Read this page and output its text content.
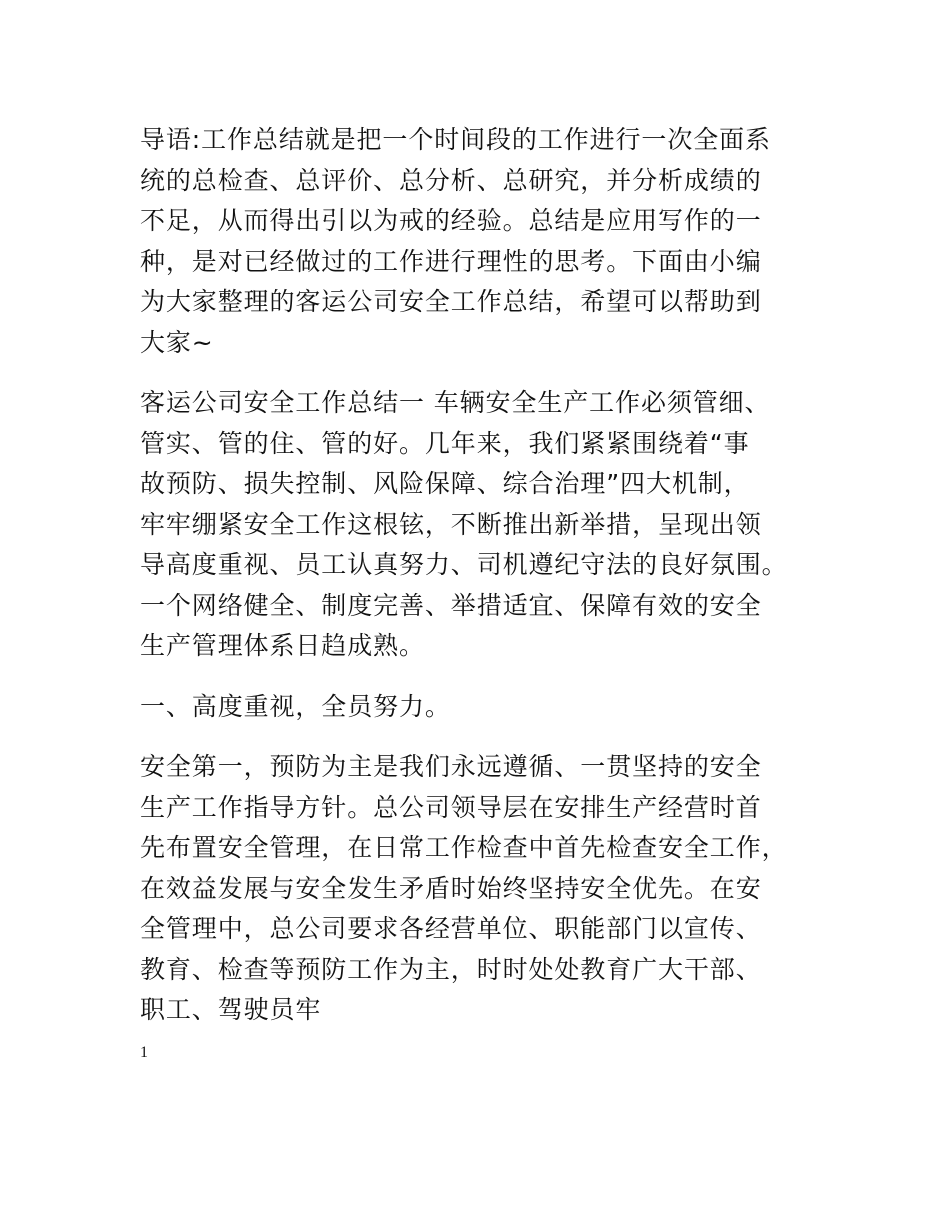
导语:工作总结就是把一个时间段的工作进行一次全面系
统的总检查、总评价、总分析、总研究，并分析成绩的
不足，从而得出引以为戒的经验。总结是应用写作的一
种，是对已经做过的工作进行理性的思考。下面由小编
为大家整理的客运公司安全工作总结，希望可以帮助到
大家~

客运公司安全工作总结一 车辆安全生产工作必须管细、
管实、管的住、管的好。几年来，我们紧紧围绕着“事
故预防、损失控制、风险保障、综合治理”四大机制，
牢牢绷紧安全工作这根铉，不断推出新举措，呈现出领
导高度重视、员工认真努力、司机遵纪守法的良好氛围。
一个网络健全、制度完善、举措适宜、保障有效的安全
生产管理体系日趋成熟。

一、高度重视，全员努力。

安全第一，预防为主是我们永远遵循、一贯坚持的安全
生产工作指导方针。总公司领导层在安排生产经营时首
先布置安全管理，在日常工作检查中首先检查安全工作，
在效益发展与安全发生矛盾时始终坚持安全优先。在安
全管理中，总公司要求各经营单位、职能部门以宣传、
教育、检查等预防工作为主，时时处处教育广大干部、
职工、驾驶员牢

1
